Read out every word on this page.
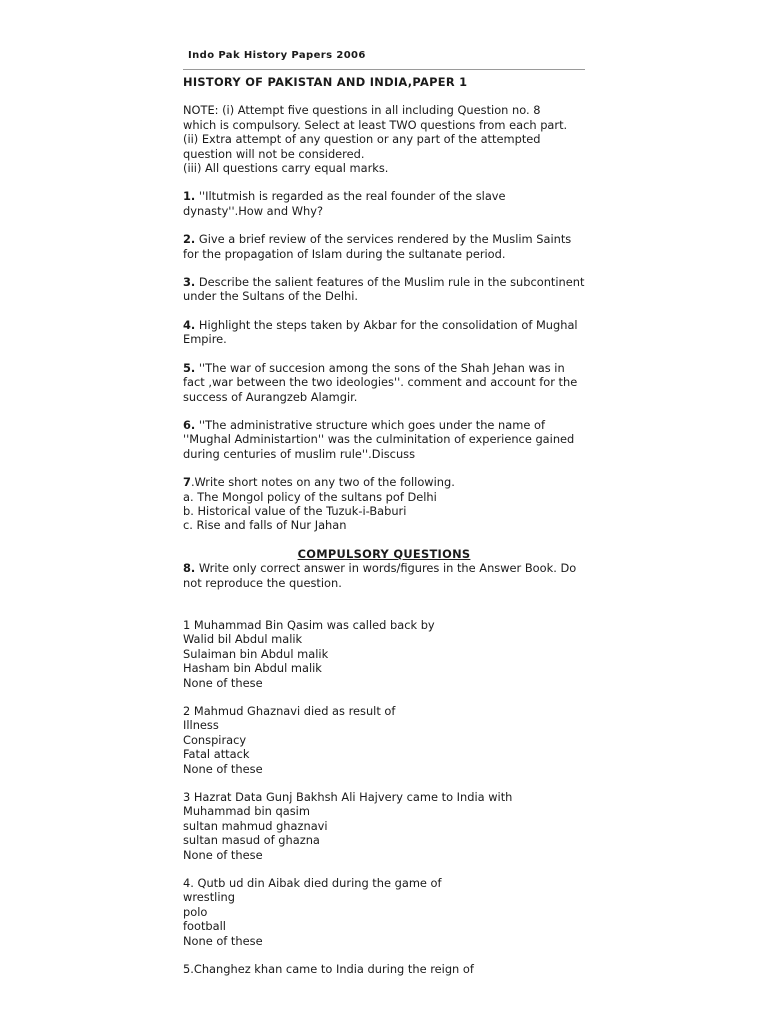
Indo Pak History Papers 2006
HISTORY OF PAKISTAN AND INDIA,PAPER 1
NOTE: (i) Attempt five questions in all including Question no. 8
which is compulsory. Select at least TWO questions from each part.
(ii) Extra attempt of any question or any part of the attempted
question will not be considered.
(iii) All questions carry equal marks.
1. ''Iltutmish is regarded as the real founder of the slave dynasty''.How and Why?
2. Give a brief review of the services rendered by the Muslim Saints for the propagation of Islam during the sultanate period.
3. Describe the salient features of the Muslim rule in the subcontinent under the Sultans of the Delhi.
4. Highlight the steps taken by Akbar for the consolidation of Mughal Empire.
5. ''The war of succesion among the sons of the Shah Jehan was in fact ,war between the two ideologies''. comment and account for the success of Aurangzeb Alamgir.
6. ''The administrative structure which goes under the name of ''Mughal Administartion'' was the culminitation of experience gained during centuries of muslim rule''.Discuss
7.Write short notes on any two of the following.
a. The Mongol policy of the sultans pof Delhi
b. Historical value of the Tuzuk-i-Baburi
c. Rise and falls of Nur Jahan
COMPULSORY QUESTIONS
8. Write only correct answer in words/figures in the Answer Book. Do not reproduce the question.
1 Muhammad Bin Qasim was called back by
Walid bil Abdul malik
Sulaiman bin Abdul malik
Hasham bin Abdul malik
None of these
2 Mahmud Ghaznavi died as result of
Illness
Conspiracy
Fatal attack
None of these
3 Hazrat Data Gunj Bakhsh Ali Hajvery came to India with
Muhammad bin qasim
sultan mahmud ghaznavi
sultan masud of ghazna
None of these
4. Qutb ud din Aibak died during the game of
wrestling
polo
football
None of these
5.Changhez khan came to India during the reign of
